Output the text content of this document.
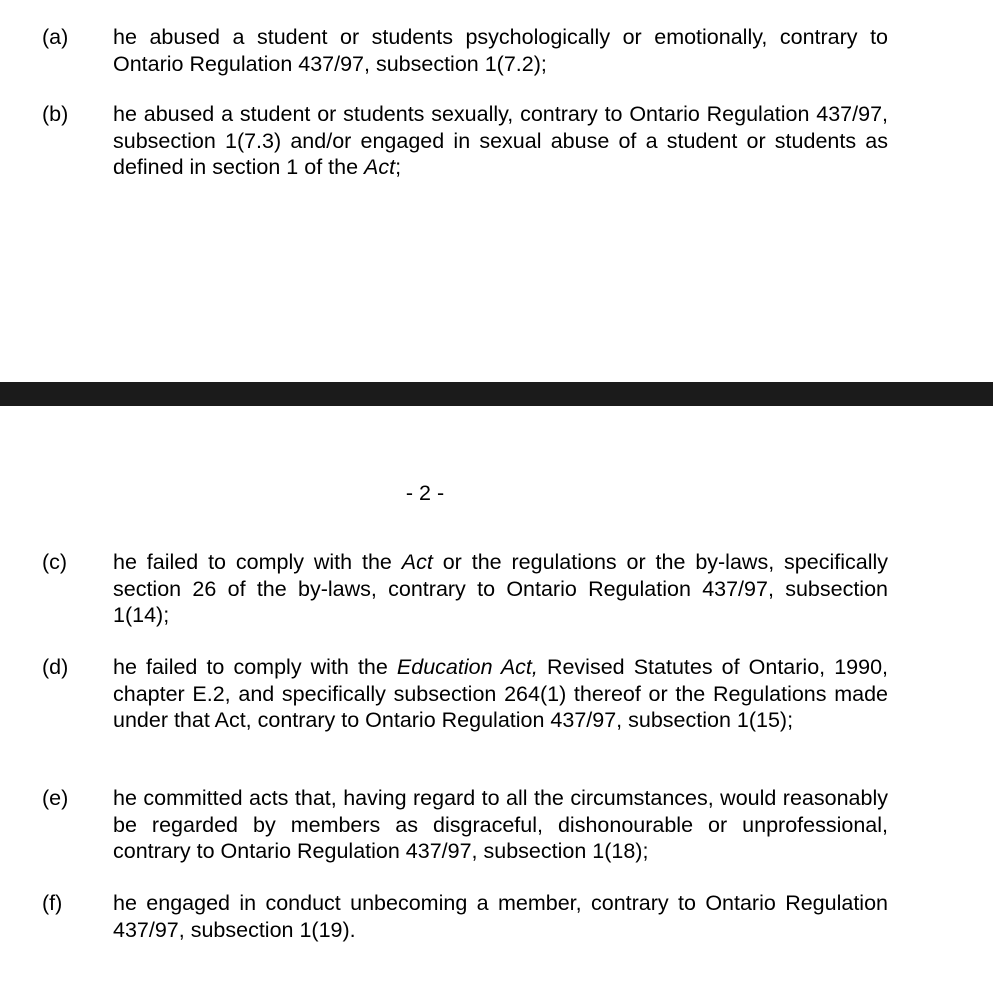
(a) he abused a student or students psychologically or emotionally, contrary to Ontario Regulation 437/97, subsection 1(7.2);
(b) he abused a student or students sexually, contrary to Ontario Regulation 437/97, subsection 1(7.3) and/or engaged in sexual abuse of a student or students as defined in section 1 of the Act;
- 2 -
(c) he failed to comply with the Act or the regulations or the by-laws, specifically section 26 of the by-laws, contrary to Ontario Regulation 437/97, subsection 1(14);
(d) he failed to comply with the Education Act, Revised Statutes of Ontario, 1990, chapter E.2, and specifically subsection 264(1) thereof or the Regulations made under that Act, contrary to Ontario Regulation 437/97, subsection 1(15);
(e) he committed acts that, having regard to all the circumstances, would reasonably be regarded by members as disgraceful, dishonourable or unprofessional, contrary to Ontario Regulation 437/97, subsection 1(18);
(f) he engaged in conduct unbecoming a member, contrary to Ontario Regulation 437/97, subsection 1(19).
